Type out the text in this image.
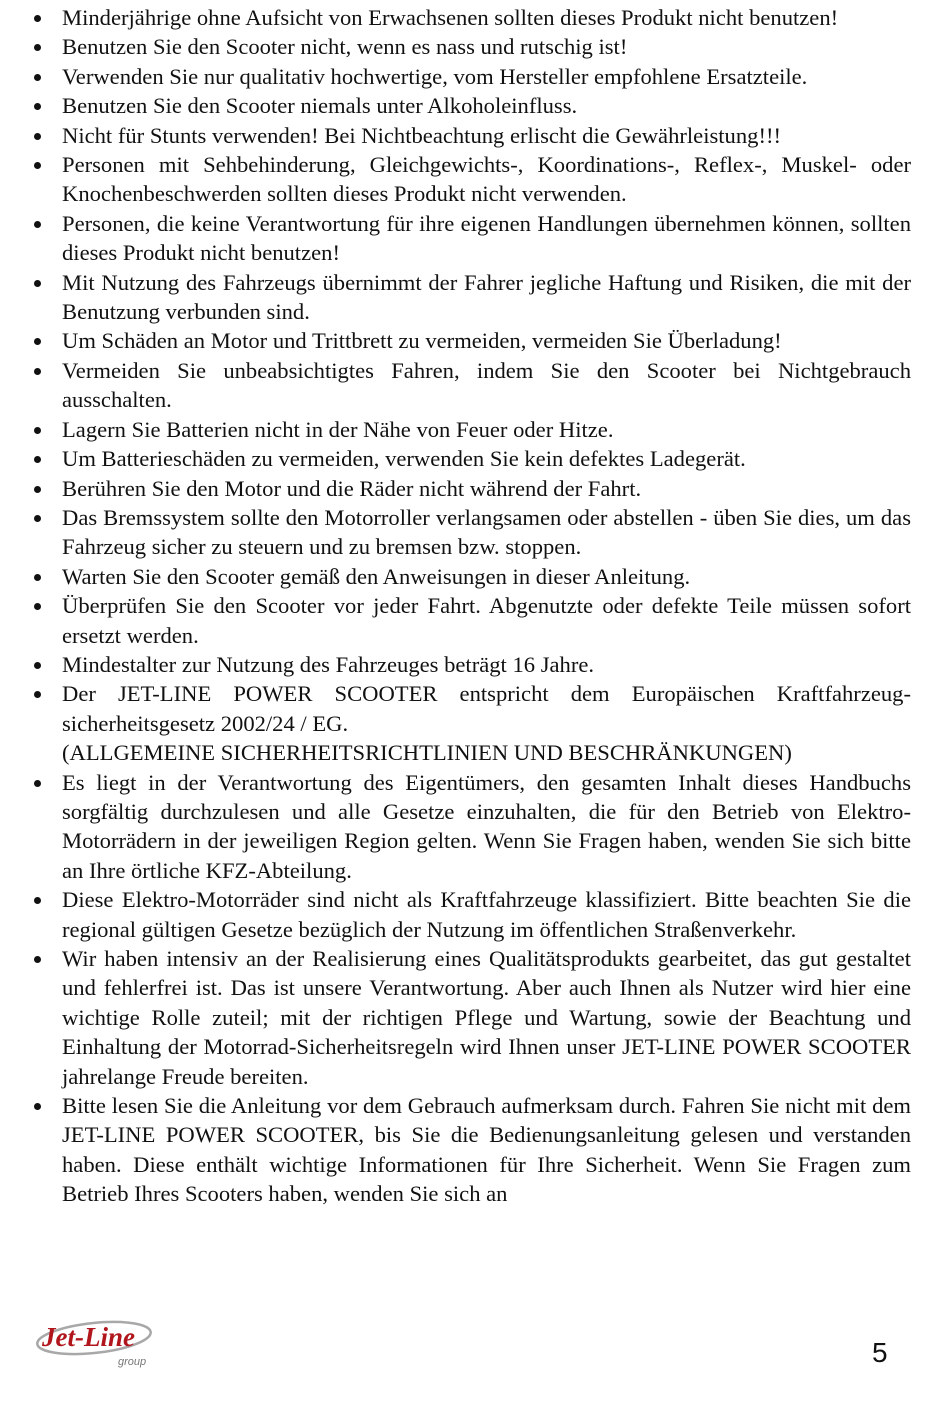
Minderjährige ohne Aufsicht von Erwachsenen sollten dieses Produkt nicht benutzen!
Benutzen Sie den Scooter nicht, wenn es nass und rutschig ist!
Verwenden Sie nur qualitativ hochwertige, vom Hersteller empfohlene Ersatzteile.
Benutzen Sie den Scooter niemals unter Alkoholeinfluss.
Nicht für Stunts verwenden! Bei Nichtbeachtung erlischt die Gewährleistung!!!
Personen mit Sehbehinderung, Gleichgewichts-, Koordinations-, Reflex-, Muskel- oder Knochenbeschwerden sollten dieses Produkt nicht verwenden.
Personen, die keine Verantwortung für ihre eigenen Handlungen übernehmen können, sollten dieses Produkt nicht benutzen!
Mit Nutzung des Fahrzeugs übernimmt der Fahrer jegliche Haftung und Risiken, die mit der Benutzung verbunden sind.
Um Schäden an Motor und Trittbrett zu vermeiden, vermeiden Sie Überladung!
Vermeiden Sie unbeabsichtigtes Fahren, indem Sie den Scooter bei Nichtgebrauch ausschalten.
Lagern Sie Batterien nicht in der Nähe von Feuer oder Hitze.
Um Batterieschäden zu vermeiden, verwenden Sie kein defektes Ladegerät.
Berühren Sie den Motor und die Räder nicht während der Fahrt.
Das Bremssystem sollte den Motorroller verlangsamen oder abstellen - üben Sie dies, um das Fahrzeug sicher zu steuern und zu bremsen bzw. stoppen.
Warten Sie den Scooter gemäß den Anweisungen in dieser Anleitung.
Überprüfen Sie den Scooter vor jeder Fahrt. Abgenutzte oder defekte Teile müssen sofort ersetzt werden.
Mindestalter zur Nutzung des Fahrzeuges beträgt 16 Jahre.
Der JET-LINE POWER SCOOTER entspricht dem Europäischen Kraftfahrzeug-sicherheitsgesetz 2002/24 / EG.
(ALLGEMEINE SICHERHEITSRICHTLINIEN UND BESCHRÄNKUNGEN)
Es liegt in der Verantwortung des Eigentümers, den gesamten Inhalt dieses Handbuchs sorgfältig durchzulesen und alle Gesetze einzuhalten, die für den Betrieb von Elektro-Motorrädern in der jeweiligen Region gelten. Wenn Sie Fragen haben, wenden Sie sich bitte an Ihre örtliche KFZ-Abteilung.
Diese Elektro-Motorräder sind nicht als Kraftfahrzeuge klassifiziert. Bitte beachten Sie die regional gültigen Gesetze bezüglich der Nutzung im öffentlichen Straßenverkehr.
Wir haben intensiv an der Realisierung eines Qualitätsprodukts gearbeitet, das gut gestaltet und fehlerfrei ist. Das ist unsere Verantwortung. Aber auch Ihnen als Nutzer wird hier eine wichtige Rolle zuteil; mit der richtigen Pflege und Wartung, sowie der Beachtung und Einhaltung der Motorrad-Sicherheitsregeln wird Ihnen unser JET-LINE POWER SCOOTER jahrelange Freude bereiten.
Bitte lesen Sie die Anleitung vor dem Gebrauch aufmerksam durch. Fahren Sie nicht mit dem JET-LINE POWER SCOOTER, bis Sie die Bedienungsanleitung gelesen und verstanden haben. Diese enthält wichtige Informationen für Ihre Sicherheit. Wenn Sie Fragen zum Betrieb Ihres Scooters haben, wenden Sie sich an
Jet-Line
group	5
